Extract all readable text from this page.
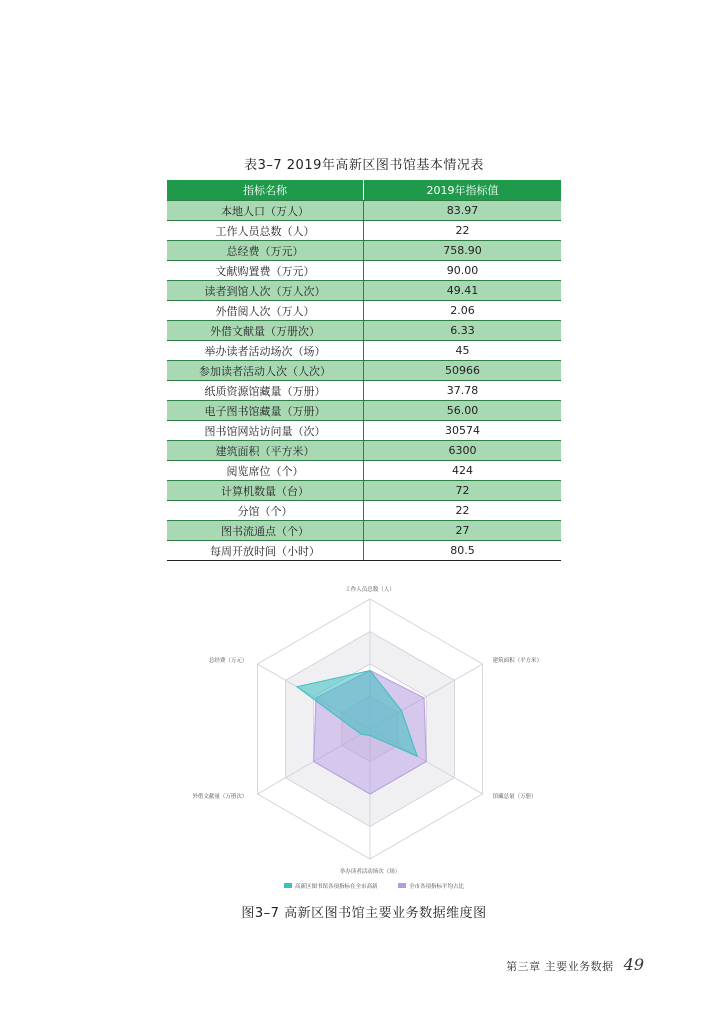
表3–7 2019年高新区图书馆基本情况表
指标名称	2019年指标值
本地人口（万人）	83.97
工作人员总数（人）	22
总经费（万元）	758.90
文献购置费（万元）	90.00
读者到馆人次（万人次）	49.41
外借阅人次（万人）	2.06
外借文献量（万册次）	6.33
举办读者活动场次（场）	45
参加读者活动人次（人次）	50966
纸质资源馆藏量（万册）	37.78
电子图书馆藏量（万册）	56.00
图书馆网站访问量（次）	30574
建筑面积（平方米）	6300
阅览席位（个）	424
计算机数量（台）	72
分馆（个）	22
图书流通点（个）	27
每周开放时间（小时）	80.5
工作人员总数（人）
建筑面积（平方米）
馆藏总量（万册）
举办读者活动场次（场）
外借文献量（万册次）
总经费（万元）
高新区图书馆各项指标在全市高新	全市各项指标平均占比
图3–7 高新区图书馆主要业务数据维度图
第三章 主要业务数据 49
